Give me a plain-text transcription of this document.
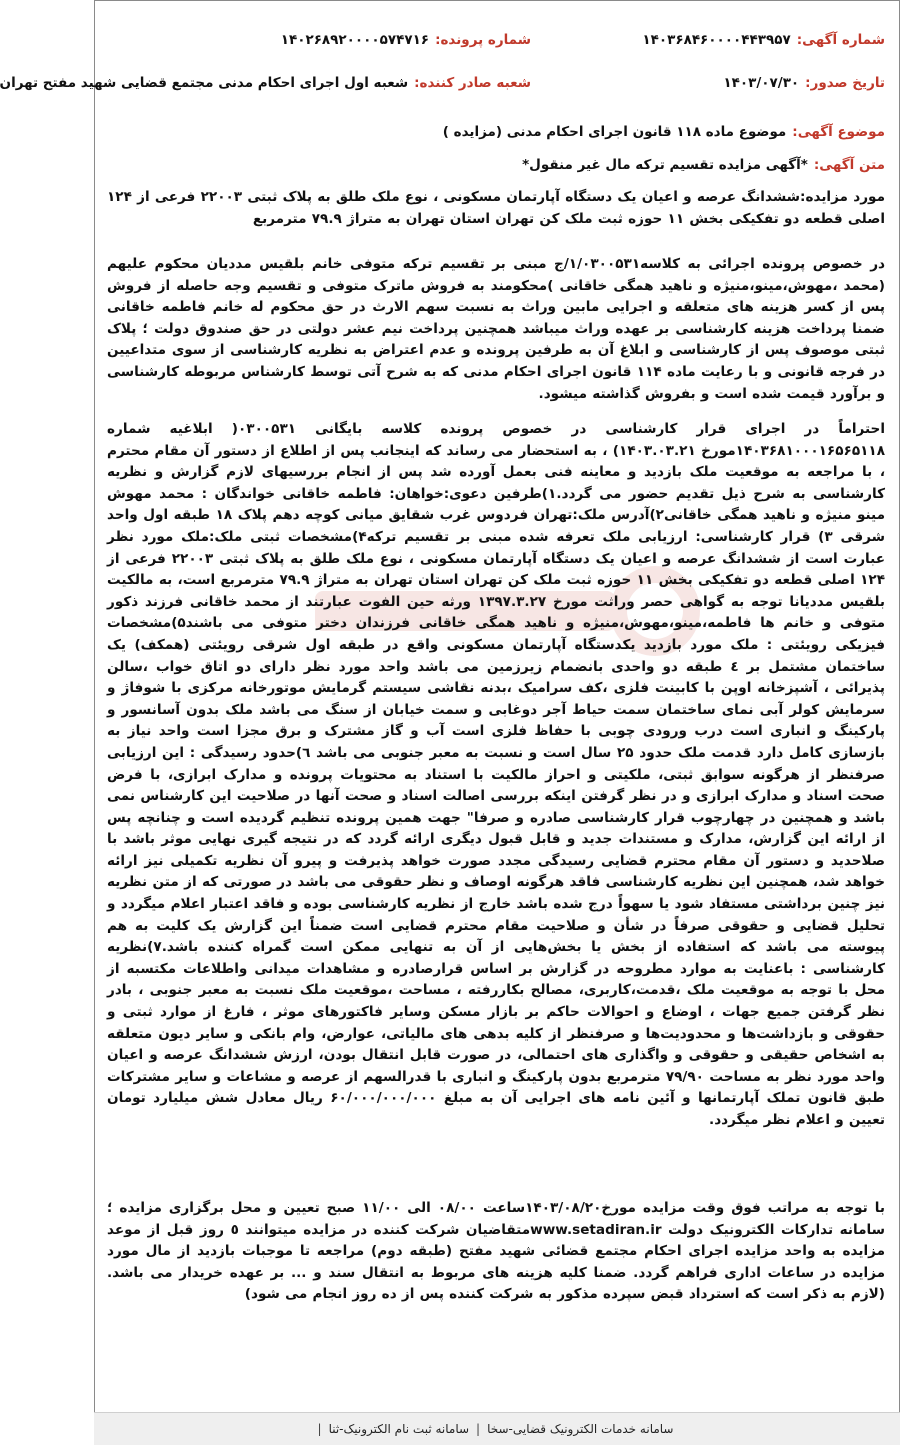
شماره آگهی:
۱۴۰۳۶۸۴۶۰۰۰۰۴۴۳۹۵۷
شماره پرونده:
۱۴۰۲۶۸۹۲۰۰۰۰۵۷۴۷۱۶
تاریخ صدور:
۱۴۰۳/۰۷/۳۰
شعبه صادر کننده:
شعبه اول اجرای احکام مدنی مجتمع قضایی شهید مفتح تهران
موضوع آگهی:
موضوع ماده ۱۱۸ قانون اجرای احکام مدنی (مزایده )
متن آگهی:
*آگهی مزایده تقسیم ترکه مال غیر منقول*
مورد مزایده:ششدانگ عرصه و اعیان یک دستگاه آپارتمان مسکونی ، نوع ملک طلق به پلاک ثبتی ۲۲۰۰۳ فرعی از ۱۲۴ اصلی قطعه دو تفکیکی بخش ۱۱ حوزه ثبت ملک کن تهران استان تهران به متراژ ۷۹.۹ مترمربع
در خصوص پرونده اجرائی به کلاسه۱/۰۳۰۰۵۳۱/ج مبنی بر تقسیم ترکه متوفی خانم بلقیس مددیان محکوم علیهم (محمد ،مهوش،مینو،منیژه و ناهید همگی خاقانی )محکومند به فروش ماترک متوفی و تقسیم وجه حاصله از فروش پس از کسر هزینه های متعلقه و اجرایی مابین وراث به نسبت سهم الارث در حق محکوم له خانم فاطمه خاقانی ضمنا پرداخت هزینه کارشناسی بر عهده وراث میباشد همچنین پرداخت نیم عشر دولتی در حق صندوق دولت ؛ پلاک ثبتی موصوف پس از کارشناسی و ابلاغ آن به طرفین پرونده و عدم اعتراض به نظریه کارشناسی از سوی متداعیین در فرجه قانونی و با رعایت ماده ۱۱۴ قانون اجرای احکام مدنی که به شرح آتی توسط کارشناس مربوطه کارشناسی و برآورد قیمت شده است و بفروش گذاشته میشود.
احتراماً در اجرای قرار کارشناسی در خصوص پرونده کلاسه بایگانی ۰۳۰۰۵۳۱( ابلاغیه شماره ۱۴۰۳۶۸۱۰۰۰۱۶۵۶۵۱۱۸مورخ ۱۴۰۳.۰۳.۲۱) ، به استحضار می رساند که اینجانب پس از اطلاع از دستور آن مقام محترم ، با مراجعه به موقعیت ملک بازدید و معاینه فنی بعمل آورده شد پس از انجام بررسیهای لازم گزارش و نظریه کارشناسی به شرح ذیل تقدیم حضور می گردد.۱)طرفین دعوی:خواهان: فاطمه خاقانی خواندگان : محمد مهوش مینو منیژه و ناهید همگی خاقانی۲)آدرس ملک:تهران فردوس غرب شقایق میانی کوچه دهم پلاک ۱۸ طبقه اول واحد شرقی ۳) قرار کارشناسی: ارزیابی ملک تعرفه شده مبنی بر تقسیم ترکه۴)مشخصات ثبتی ملک:ملک مورد نظر عبارت است از ششدانگ عرصه و اعیان یک دستگاه آپارتمان مسکونی ، نوع ملک طلق به پلاک ثبتی ۲۲۰۰۳ فرعی از ۱۲۴ اصلی قطعه دو تفکیکی بخش ۱۱ حوزه ثبت ملک کن تهران استان تهران به متراژ ۷۹.۹ مترمربع است، به مالکیت بلقیس مددیانا توجه به گواهی حصر وراثت مورخ ۱۳۹۷.۳.۲۷ ورثه حین الفوت عبارتند از محمد خاقانی فرزند ذکور متوفی و خانم ها فاطمه،مینو،مهوش،منیژه و ناهید همگی خاقانی فرزندان دختر متوفی می باشند۵)مشخصات فیزیکی رویئتی : ملک مورد بازدید یکدستگاه آپارتمان مسکونی واقع در طبقه اول شرقی رویئتی (همکف) یک ساختمان مشتمل بر ٤ طبقه دو واحدی بانضمام زیرزمین می باشد واحد مورد نظر دارای دو اتاق خواب ،سالن پذیرائی ، آشپزخانه اوپن با کابینت فلزی ،کف سرامیک ،بدنه نقاشی سیستم گرمایش موتورخانه مرکزی با شوفاژ و سرمایش کولر آبی نمای ساختمان سمت حیاط آجر دوغابی و سمت خیابان از سنگ می باشد ملک بدون آسانسور و پارکینگ و انباری است درب ورودی چوبی با حفاظ فلزی است آب و گاز مشترک و برق مجزا است واحد نیاز به بازسازی کامل دارد قدمت ملک حدود ۲۵ سال است و نسبت به معبر جنوبی می باشد ٦)حدود رسیدگی : این ارزیابی صرفنظر از هرگونه سوابق ثبتی، ملکیتی و احراز مالکیت با استناد به محتویات پرونده و مدارک ابرازی، با فرض صحت اسناد و مدارک ابرازی و در نظر گرفتن اینکه بررسی اصالت اسناد و صحت آنها در صلاحیت این کارشناس نمی باشد و همچنین در چهارچوب قرار کارشناسی صادره و صرفا" جهت همین پرونده تنظیم گردیده است و چنانچه پس از ارائه این گزارش، مدارک و مستندات جدید و قابل قبول دیگری ارائه گردد که در نتیجه گیری نهایی موثر باشد با صلاحدید و دستور آن مقام محترم قضایی رسیدگی مجدد صورت خواهد پذیرفت و پیرو آن نظریه تکمیلی نیز ارائه خواهد شد، همچنین این نظریه کارشناسی فاقد هرگونه اوصاف و نظر حقوقی می باشد در صورتی که از متن نظریه نیز چنین برداشتی مستفاد شود یا سهواً درج شده باشد خارج از نظریه کارشناسی بوده و فاقد اعتبار اعلام میگردد و تحلیل قضایی و حقوقی صرفاً در شأن و صلاحیت مقام محترم قضایی است ضمناً این گزارش یک کلیت به هم پیوسته می باشد که استفاده از بخش یا بخش‌هایی از آن به تنهایی ممکن است گمراه کننده باشد.۷)نظریه کارشناسی : باعنایت به موارد مطروحه در گزارش بر اساس قرارصادره و مشاهدات میدانی واطلاعات مکتسبه از محل با توجه به موقعیت ملک ،قدمت،کاربری، مصالح بکاررفته ، مساحت ،موقعیت ملک نسبت به معبر جنوبی ، بادر نظر گرفتن جمیع جهات ، اوضاع و احوالات حاکم بر بازار مسکن وسایر فاکتورهای موثر ، فارغ از موارد ثبتی و حقوقی و بازداشت‌ها و محدودیت‌ها و صرفنظر از کلیه بدهی های مالیاتی، عوارض، وام بانکی و سایر دیون متعلقه به اشخاص حقیقی و حقوقی و واگذاری های احتمالی، در صورت قابل انتقال بودن، ارزش ششدانگ عرصه و اعیان واحد مورد نظر به مساحت ۷۹/۹۰ مترمربع بدون پارکینگ و انباری با قدرالسهم از عرصه و مشاعات و سایر مشترکات طبق قانون تملک آپارتمانها و آئین نامه های اجرایی آن به مبلغ ۶۰/۰۰۰/۰۰۰/۰۰۰ ریال معادل شش میلیارد تومان تعیین و اعلام نظر میگردد.
با توجه به مراتب فوق وقت مزایده مورخ۱۴۰۳/۰۸/۲۰ساعت ۰۸/۰۰ الی ۱۱/۰۰ صبح تعیین و محل برگزاری مزایده ؛سامانه تدارکات الکترونیک دولت www.setadiran.irمتقاضیان شرکت کننده در مزایده میتوانند ٥ روز قبل از موعد مزایده به واحد مزایده اجرای احکام مجتمع قضائی شهید مفتح (طبقه دوم) مراجعه تا موجبات بازدید از مال مورد مزایده در ساعات اداری فراهم گردد. ضمنا کلیه هزینه های مربوط به انتقال سند و ... بر عهده خریدار می باشد.(لازم به ذکر است که استرداد قبض سپرده مذکور به شرکت کننده پس از ده روز انجام می شود)
سامانه خدمات الکترونیک قضایی-سخا
|
سامانه ثبت نام الکترونیک-ثنا
|
